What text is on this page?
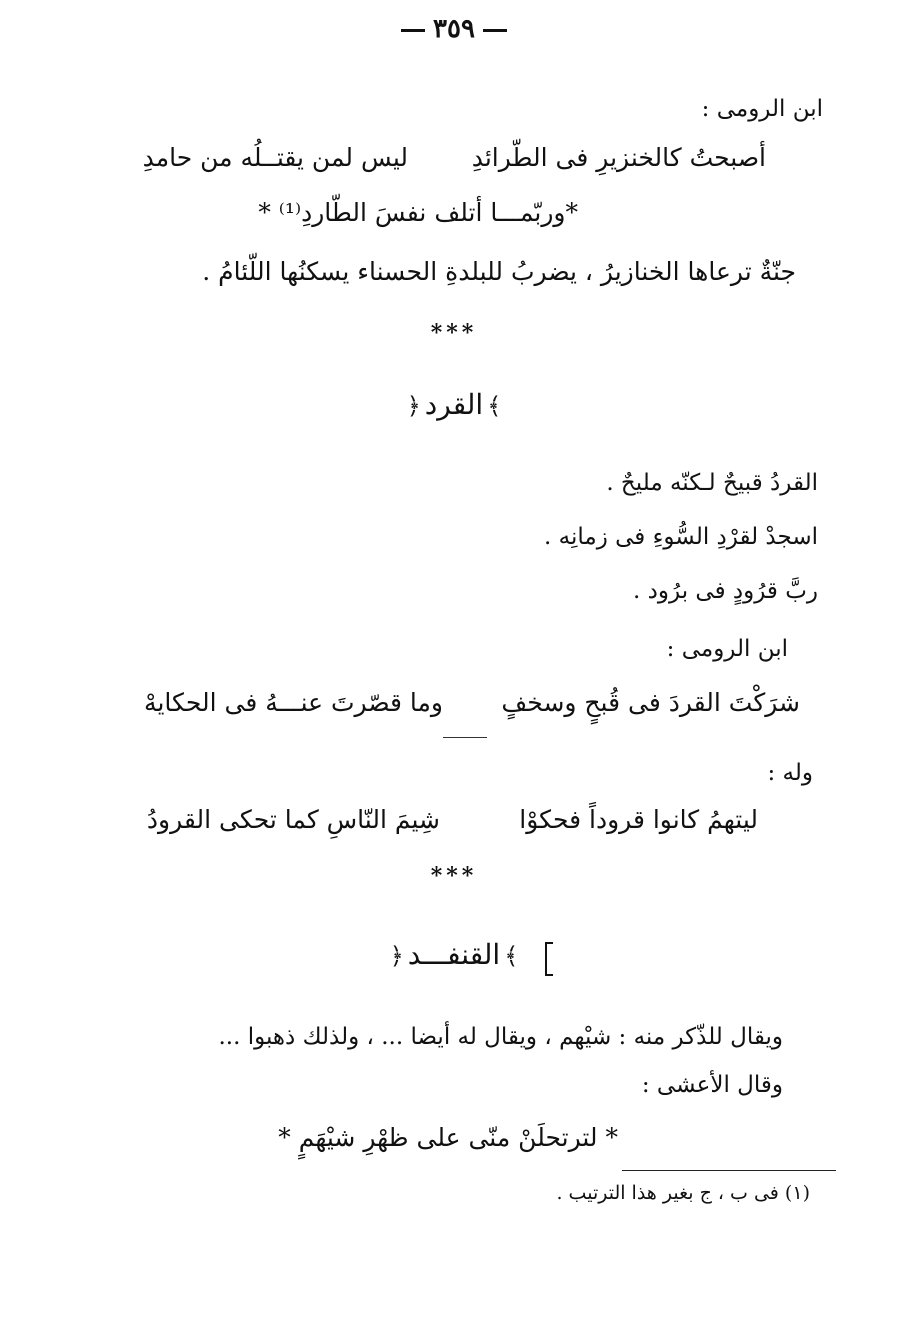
٣٥٩
ابن الرومى :
أصبحتُ كالخنزيرِ فى الطّرائدِ
ليس لمن يقتــلُه من حامدِ
*وربّمـــا أتلف نفسَ الطّاردِ⁽¹⁾ *
جنّةٌ ترعاها الخنازيرُ ، يضربُ للبلدةِ الحسناء يسكنُها اللّئامُ .
***
﴿ القرد ﴾
القردُ قبيحٌ لـكنّه مليحٌ .
اسجدْ لقرْدِ السُّوءِ فى زمانِه .
ربَّ قرُودٍ فى برُود .
ابن الرومى :
شرَكْتَ القردَ فى قُبحٍ وسخفٍ
وما قصّرتَ عنـــهُ فى الحكايهْ
وله :
ليتهمُ كانوا قروداً فحكوْا
شِيمَ النّاسِ كما تحكى القرودُ
***
﴿ القنفـــد ﴾
ويقال للذّكر منه : شيْهم ، ويقال له أيضا ... ، ولذلك ذهبوا ...
وقال الأعشى :
* لترتحلَنْ منّى على ظهْرِ شيْهَمٍ *
(١) فى ب ، ج بغير هذا الترتيب .
